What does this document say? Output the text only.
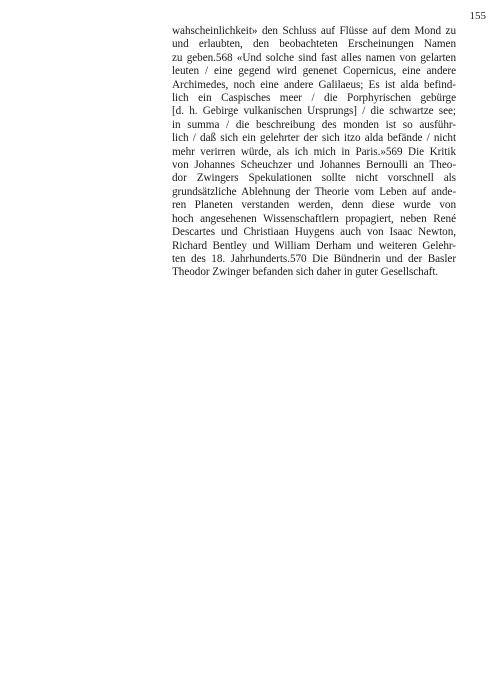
155
wahscheinlichkeit» den Schluss auf Flüsse auf dem Mond zu
und erlaubten, den beobachteten Erscheinungen Namen
zu geben.568 «Und solche sind fast alles namen von gelarten
leuten / eine gegend wird genenet Copernicus, eine andere
Archimedes, noch eine andere Galilaeus; Es ist alda befind-
lich ein Caspisches meer / die Porphyrischen gebürge
[d. h. Gebirge vulkanischen Ursprungs] / die schwartze see;
in summa / die beschreibung des monden ist so ausführ-
lich / daß sich ein gelehrter der sich itzo alda befände / nicht
mehr verirren würde, als ich mich in Paris.»569 Die Kritik
von Johannes Scheuchzer und Johannes Bernoulli an Theo-
dor Zwingers Spekulationen sollte nicht vorschnell als
grundsätzliche Ablehnung der Theorie vom Leben auf ande-
ren Planeten verstanden werden, denn diese wurde von
hoch angesehenen Wissenschaftlern propagiert, neben René
Descartes und Christiaan Huygens auch von Isaac Newton,
Richard Bentley und William Derham und weiteren Gelehr-
ten des 18. Jahrhunderts.570 Die Bündnerin und der Basler
Theodor Zwinger befanden sich daher in guter Gesellschaft.
